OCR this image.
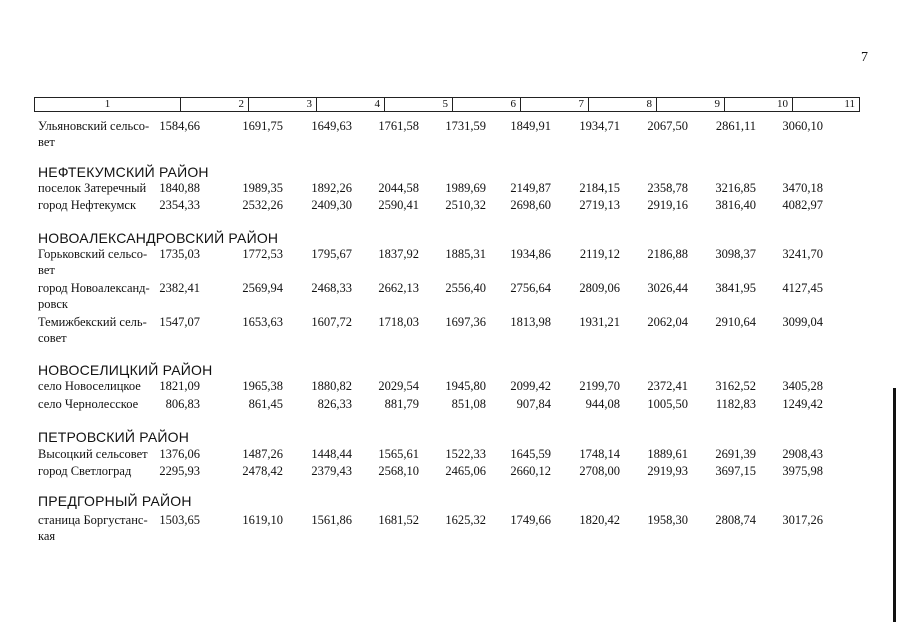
7
1	2	3	4	5	6	7	8	9	10	11
Ульяновский сельсо-
вет
1584,66	1691,75	1649,63	1761,58	1731,59	1849,91	1934,71	2067,50	2861,11	3060,10
НЕФТЕКУМСКИЙ РАЙОН
поселок Затеречный	1840,88	1989,35	1892,26	2044,58	1989,69	2149,87	2184,15	2358,78	3216,85	3470,18
город Нефтекумск	2354,33	2532,26	2409,30	2590,41	2510,32	2698,60	2719,13	2919,16	3816,40	4082,97
НОВОАЛЕКСАНДРОВСКИЙ РАЙОН
Горьковский сельсо-
вет
1735,03	1772,53	1795,67	1837,92	1885,31	1934,86	2119,12	2186,88	3098,37	3241,70
город Новоалександ-
ровск
2382,41	2569,94	2468,33	2662,13	2556,40	2756,64	2809,06	3026,44	3841,95	4127,45
Темижбекский сель-
совет
1547,07	1653,63	1607,72	1718,03	1697,36	1813,98	1931,21	2062,04	2910,64	3099,04
НОВОСЕЛИЦКИЙ РАЙОН
село Новоселицкое	1821,09	1965,38	1880,82	2029,54	1945,80	2099,42	2199,70	2372,41	3162,52	3405,28
село Чернолесское	806,83	861,45	826,33	881,79	851,08	907,84	944,08	1005,50	1182,83	1249,42
ПЕТРОВСКИЙ РАЙОН
Высоцкий сельсовет 1376,06	1487,26	1448,44	1565,61	1522,33	1645,59	1748,14	1889,61	2691,39	2908,43
город Светлоград	2295,93	2478,42	2379,43	2568,10	2465,06	2660,12	2708,00	2919,93	3697,15	3975,98
ПРЕДГОРНЫЙ РАЙОН
станица Боргустанс-
кая
1503,65	1619,10	1561,86	1681,52	1625,32	1749,66	1820,42	1958,30	2808,74	3017,26
